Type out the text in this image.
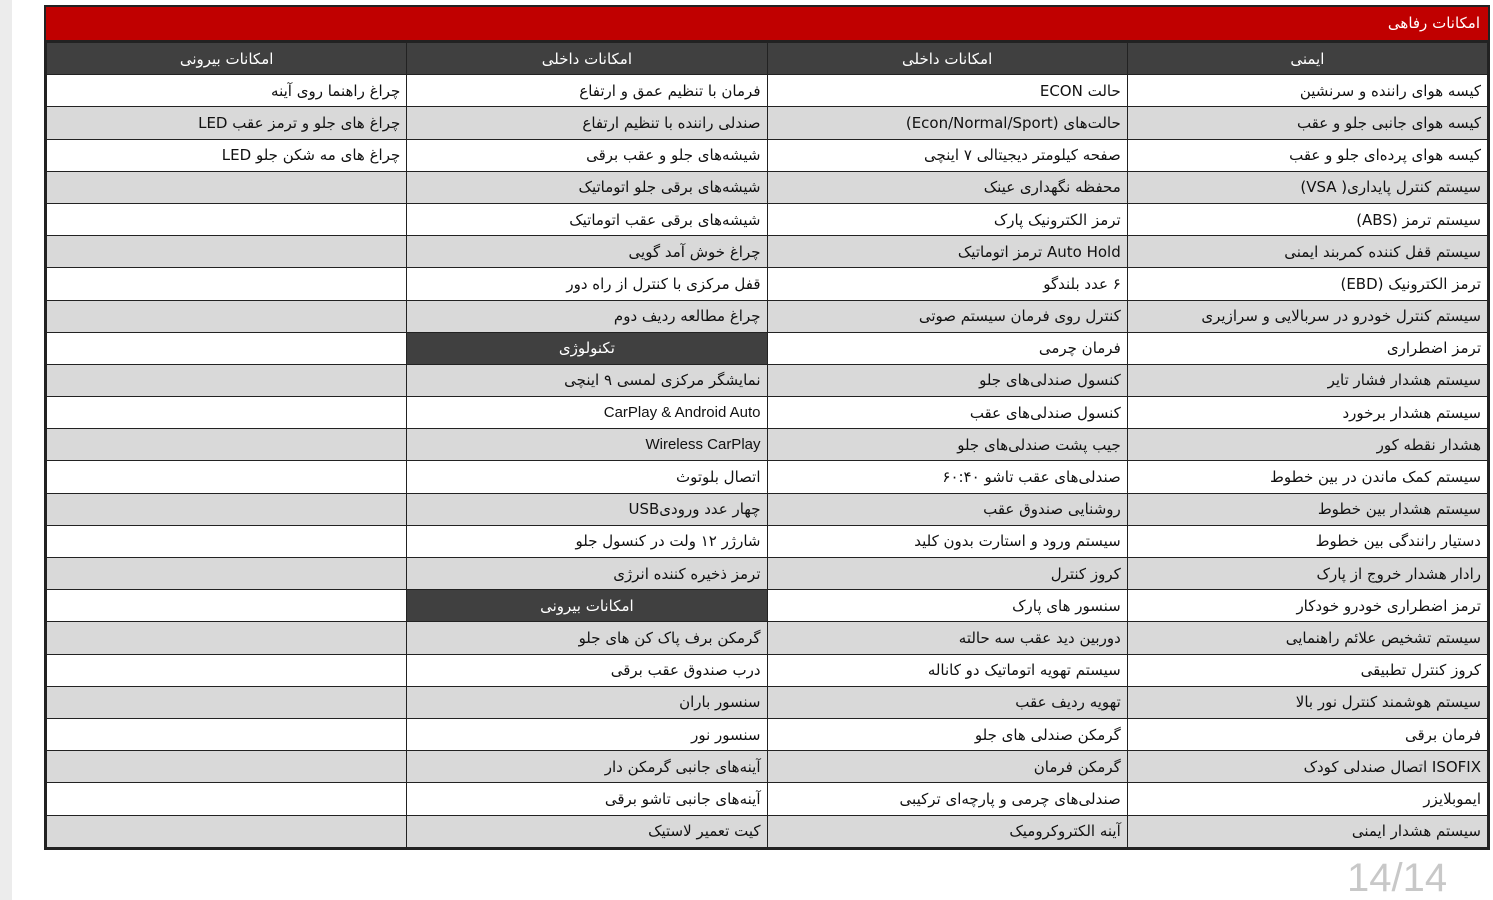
امکانات رفاهی
ایمنی	امکانات داخلی	امکانات داخلی	امکانات بیرونی
کیسه هوای راننده و سرنشین	حالت ECON	فرمان با تنظیم عمق و ارتفاع	چراغ راهنما روی آینه
کیسه هوای جانبی جلو و عقب	حالت‌های (Econ/Normal/Sport)	صندلی راننده با تنظیم ارتفاع	چراغ های جلو و ترمز عقب LED
کیسه هوای پرده‌ای جلو و عقب	صفحه کیلومتر دیجیتالی ۷ اینچی	شیشه‌های جلو و عقب برقی	چراغ های مه شکن جلو LED
سیستم کنترل پایداری( VSA)	محفظه نگهداری عینک	شیشه‌های برقی جلو اتوماتیک	
سیستم ترمز (ABS)	ترمز الکترونیک پارک	شیشه‌های برقی عقب اتوماتیک	
سیستم قفل کننده کمربند ایمنی	Auto Hold ترمز اتوماتیک	چراغ خوش آمد گویی	
ترمز الکترونیک (EBD)	۶ عدد بلندگو	قفل مرکزی با کنترل از راه دور	
سیستم کنترل خودرو در سربالایی و سرازیری	کنترل روی فرمان سیستم صوتی	چراغ مطالعه ردیف دوم	
ترمز اضطراری	فرمان چرمی	تکنولوژی	
سیستم هشدار فشار تایر	کنسول صندلی‌های جلو	نمایشگر مرکزی لمسی ۹ اینچی	
سیستم هشدار برخورد	کنسول صندلی‌های عقب	CarPlay & Android Auto	
هشدار نقطه کور	جیب پشت صندلی‌های جلو	Wireless CarPlay	
سیستم کمک ماندن در بین خطوط	صندلی‌های عقب تاشو ۶۰:۴۰	اتصال بلوتوث	
سیستم هشدار بین خطوط	روشنایی صندوق عقب	چهار عدد ورودیUSB	
دستیار رانندگی بین خطوط	سیستم ورود و استارت بدون کلید	شارژر ۱۲ ولت در کنسول جلو	
رادار هشدار خروج از پارک	کروز کنترل	ترمز ذخیره کننده انرژی	
ترمز اضطراری خودرو خودکار	سنسور های پارک	امکانات بیرونی	
سیستم تشخیص علائم راهنمایی	دوربین دید عقب سه حالته	گرمکن برف پاک کن های جلو	
کروز کنترل تطبیقی	سیستم تهویه اتوماتیک دو کاناله	درب صندوق عقب برقی	
سیستم هوشمند کنترل نور بالا	تهویه ردیف عقب	سنسور باران	
فرمان برقی	گرمکن صندلی های جلو	سنسور نور	
ISOFIX اتصال صندلی کودک	گرمکن فرمان	آینه‌های جانبی گرمکن دار	
ایموبلایزر	صندلی‌های چرمی و پارچه‌ای ترکیبی	آینه‌های جانبی تاشو برقی	
سیستم هشدار ایمنی	آینه الکتروکرومیک	کیت تعمیر لاستیک	
14/14
